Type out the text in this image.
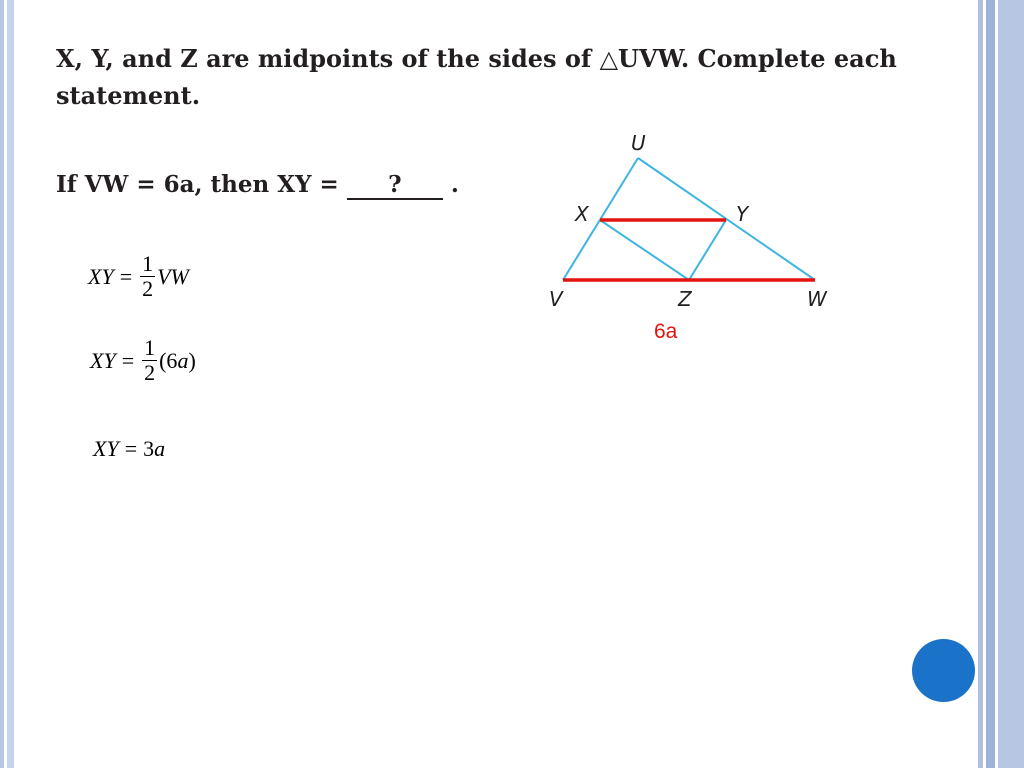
X, Y, and Z are midpoints of the sides of △UVW. Complete each statement.
If VW = 6a, then XY = ? .
XY = $\frac{1}{2}$ VW
XY = $\frac{1}{2} (6$ a )
XY = 3 a
U
X	Y
V	Z	W
6a
